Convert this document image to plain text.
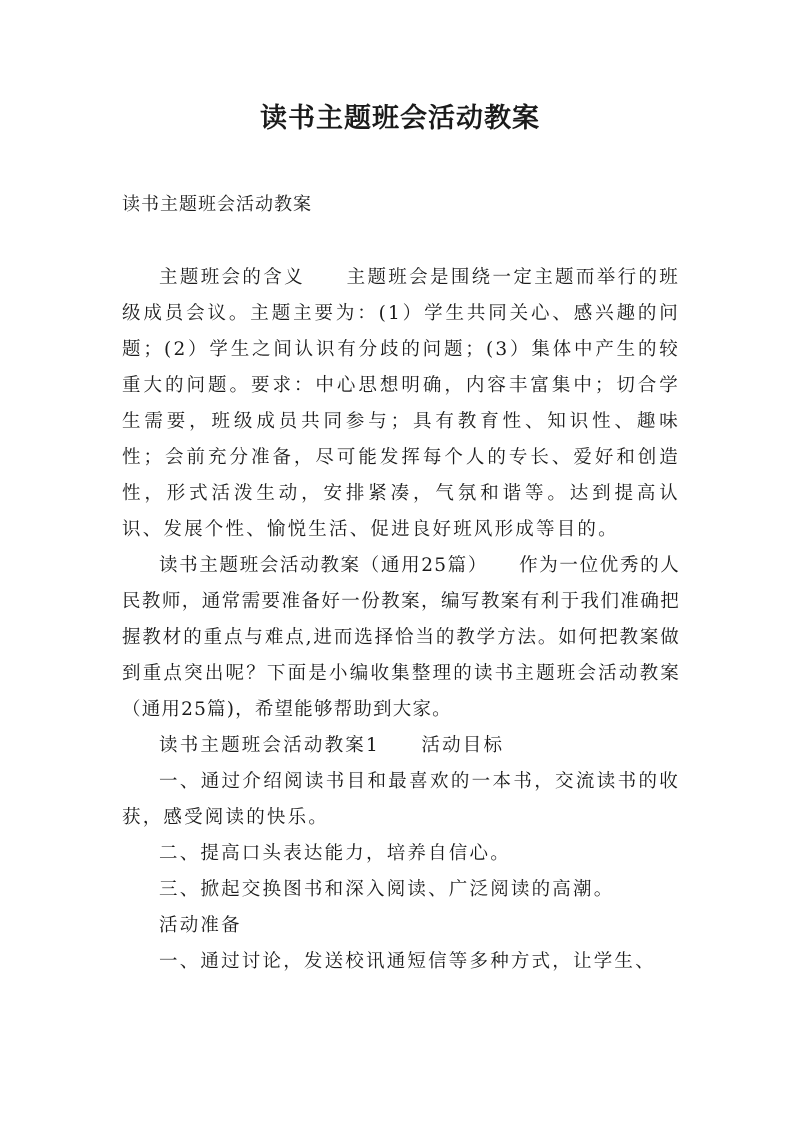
读书主题班会活动教案
读书主题班会活动教案

主题班会的含义　　主题班会是围绕一定主题而举行的班级成员会议。主题主要为：(1）学生共同关心、感兴趣的问题；(2）学生之间认识有分歧的问题；(3）集体中产生的较重大的问题。要求：中心思想明确，内容丰富集中；切合学生需要，班级成员共同参与；具有教育性、知识性、趣味性；会前充分准备，尽可能发挥每个人的专长、爱好和创造性，形式活泼生动，安排紧凑，气氛和谐等。达到提高认识、发展个性、愉悦生活、促进良好班风形成等目的。

读书主题班会活动教案（通用25篇）　　作为一位优秀的人民教师，通常需要准备好一份教案，编写教案有利于我们准确把握教材的重点与难点,进而选择恰当的教学方法。如何把教案做到重点突出呢？下面是小编收集整理的读书主题班会活动教案（通用25篇)，希望能够帮助到大家。

读书主题班会活动教案1　　活动目标

一、通过介绍阅读书目和最喜欢的一本书，交流读书的收获，感受阅读的快乐。

二、提高口头表达能力，培养自信心。

三、掀起交换图书和深入阅读、广泛阅读的高潮。

活动准备

一、通过讨论，发送校讯通短信等多种方式，让学生、
